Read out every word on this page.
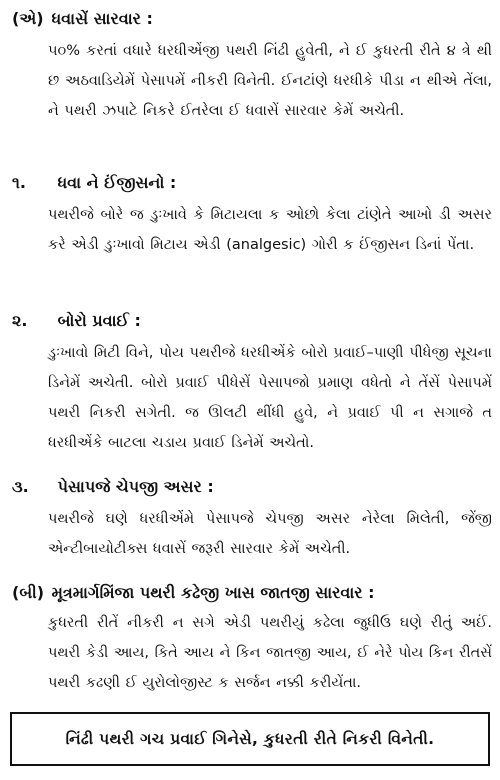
(એ) ધવાસેં સારવાર :
૫૦% કરતાં વધારે ધરધીએંજી પથરી નિંઢી હુવેતી, ને ઈ કુધરતી રીતે ૪ ત્રે થી છ અઠવાડિયેમેં પેસાપમેં નીકરી વિનેતી. ઈનટાંણે ધરધીકે પીડા ન થીએ તેંલા, ને પથરી ઝપાટે નિકરે ઈતરેલા ઈ ધવાસેં સારવાર કેમેં અચેતી.
૧. ધવા ને ઈંજીસનો :
પથરીજે બોરે જ ડુઃખાવે કે મિટાયલા ક ઓછો કેલા ટાંણેતે આખો ડી અસર કરે એડી ડુઃખાવો મિટાય એડી (analgesic) ગોરી ક ઈંજીસન ડિનાં પેંતા.
૨. બોરો પ્રવાઈ :
ડુઃખાવો મિટી વિને, પોય પથરીજે ધરધીએંકે બોરો પ્રવાઈ–પાણી પીધેજી સૂચના ડિનેમેં અચેતી. બોરો પ્રવાઈ પીધેસેં પેસાપજો પ્રમાણ વધેતો ને તેંસેં પેસાપમેં પથરી નિકરી સગેતી. જ ઊલટી થીંધી હુવે, ને પ્રવાઈ પી ન સગાજે ત ધરધીએંકે બાટલા ચડાય પ્રવાઈ ડિનેમેં અચેતો.
૩. પેસાપજે ચેપજી અસર :
પથરીજે ઘણે ધરધીએંમે પેસાપજે ચેપજી અસર નેરેલા મિલેતી, જેંજી એન્ટીબાયોટીક્સ ધવાસેં જરૂરી સારવાર કેમેં અચેતી.
(બી) મૂત્રમાર્ગમિંજા પથરી કઢેજી ખાસ જાતજી સારવાર :
કુધરતી રીતેં નીકરી ન સગે એડી પથરીયું કઢેલા જુધીઉ ઘણે રીતું અઈં. પથરી કેડી આય, કિતે આય ને કિન જાતજી આય, ઈ નેરે પોય કિન રીતસેં પથરી કઢણી ઈ યુરોલોજીસ્ટ ક સર્જન નક્કી કરીયેંતા.
નિંઢી પથરી ગચ પ્રવાઈ ગિનેસે, કુધરતી રીતે નિકરી વિનેતી.
